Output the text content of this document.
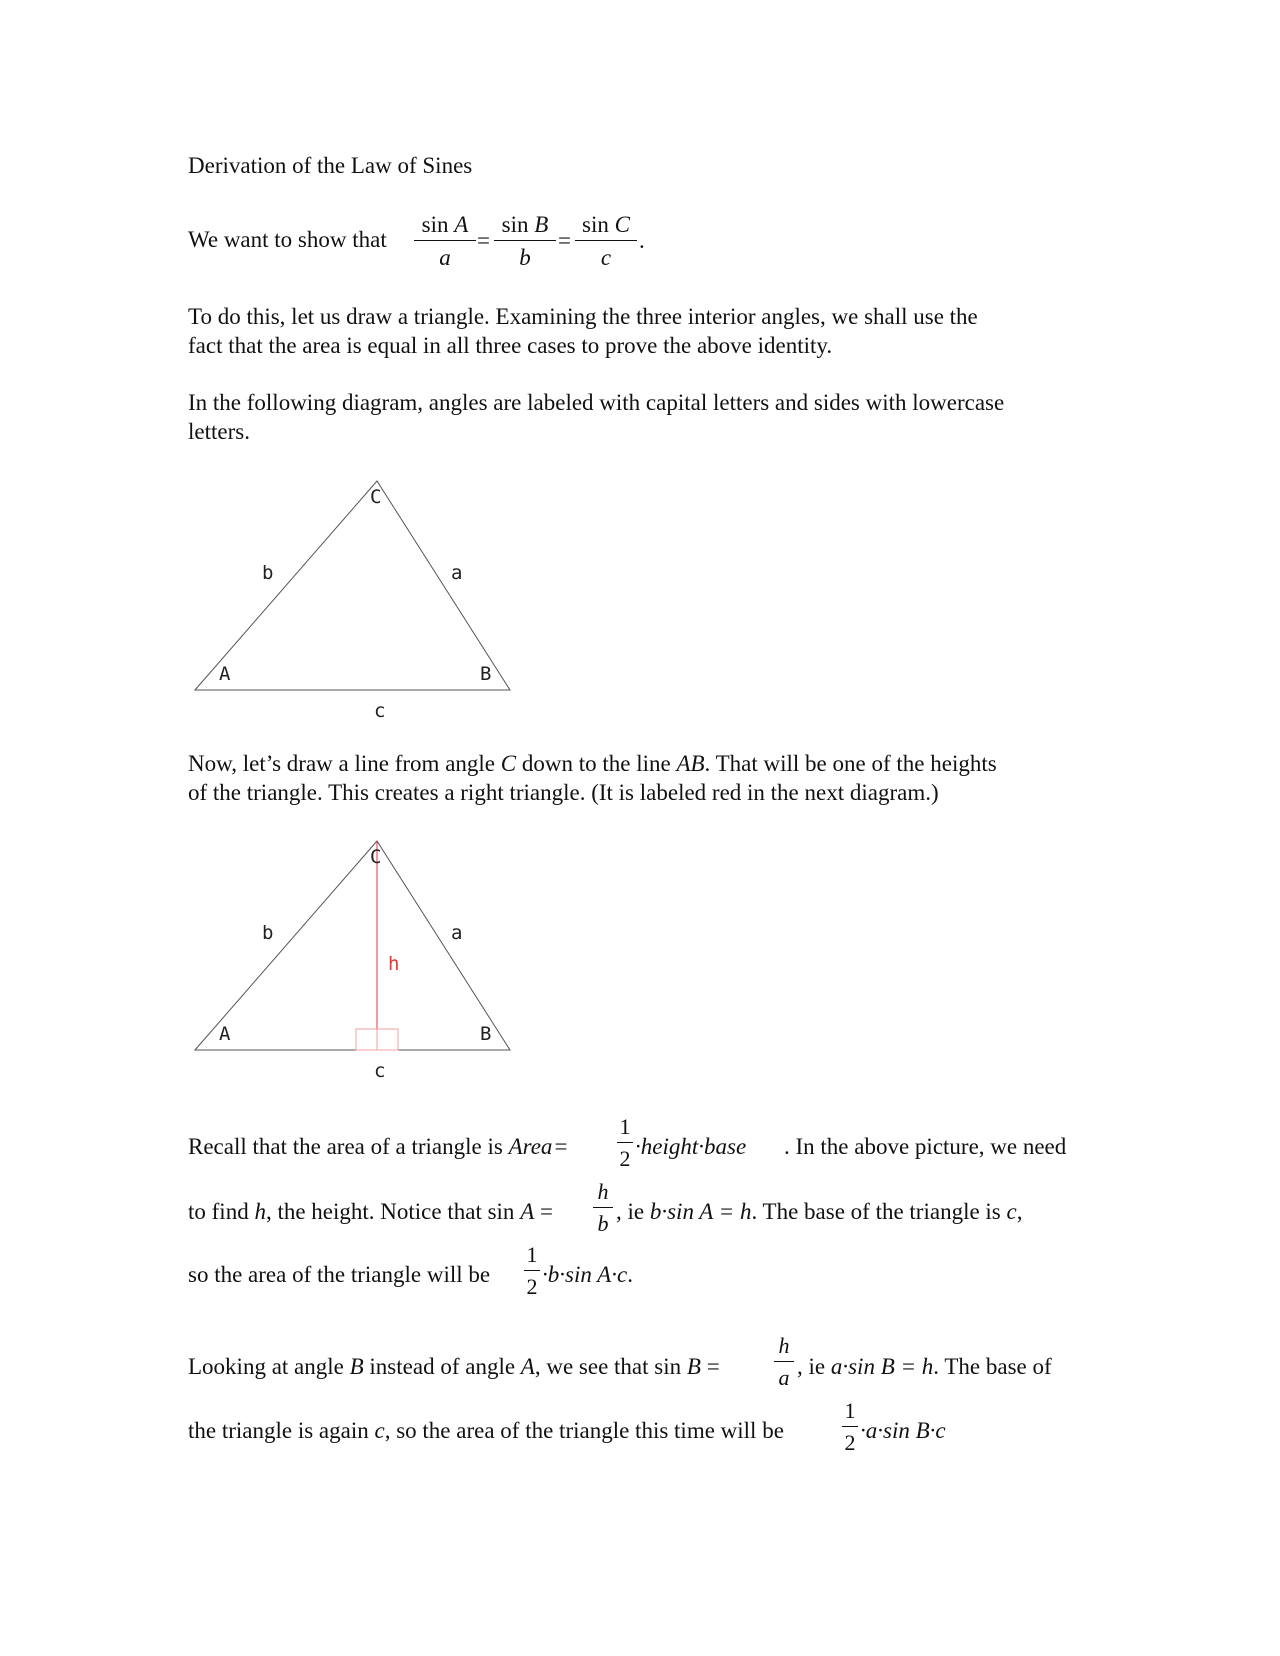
Derivation of the Law of Sines
We want to show that
sin A
a
=
sin B
b
=
sin C
c
.
To do this, let us draw a triangle. Examining the three interior angles, we shall use the
fact that the area is equal in all three cases to prove the above identity.
In the following diagram, angles are labeled with capital letters and sides with lowercase
letters.
C
b	a
A	B
c
Now, let’s draw a line from angle C down to the line AB. That will be one of the heights
of the triangle. This creates a right triangle. (It is labeled red in the next diagram.)
C
b	a
h
A	B
c
Recall that the area of a triangle is Area=
1
2 ·height·base . In the above picture, we need
to find h, the height. Notice that sin A =
h
b , ie b·sin A = h. The base of the triangle is c,
so the area of the triangle will be
1
2 ·b·sin A·c.
Looking at angle B instead of angle A, we see that sin B =
h
a , ie a·sin B = h. The base of
the triangle is again c, so the area of the triangle this time will be
1
2 ·a·sin B·c
